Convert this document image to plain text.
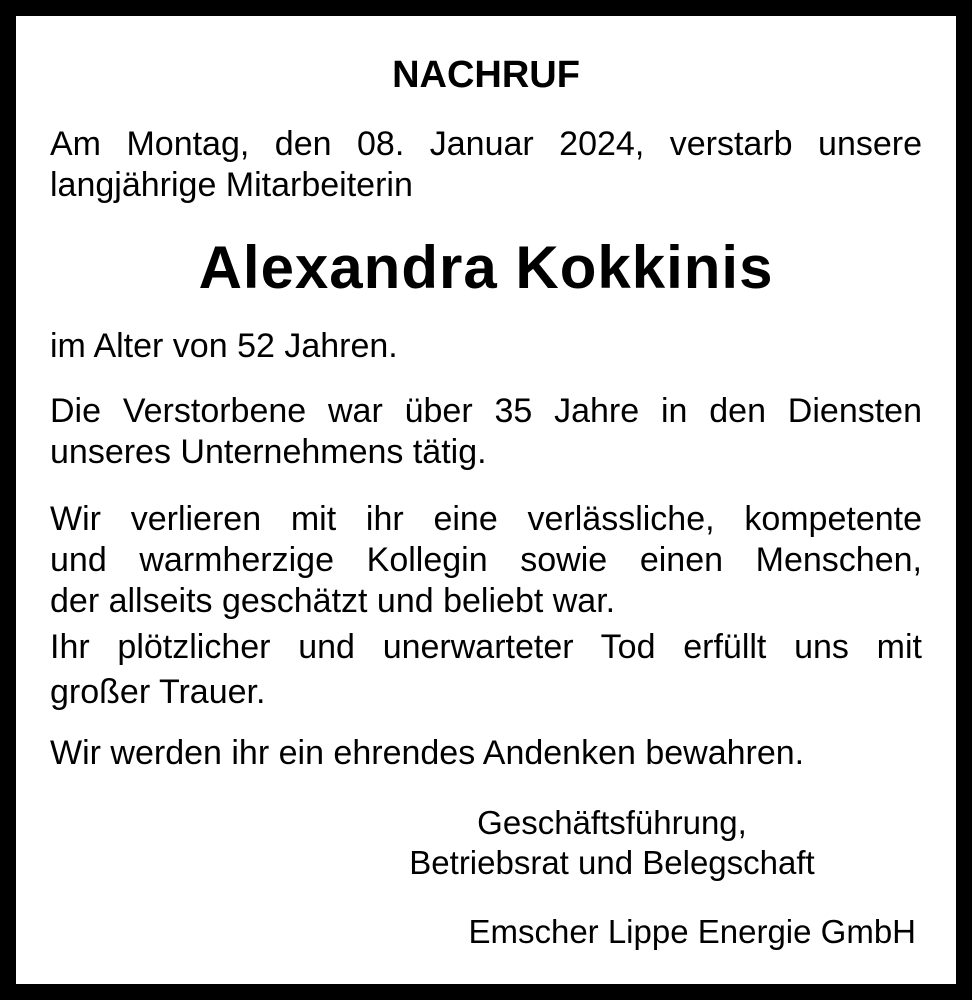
NACHRUF
Am Montag, den 08. Januar 2024, verstarb unsere
langjährige Mitarbeiterin
Alexandra Kokkinis
im Alter von 52 Jahren.
Die Verstorbene war über 35 Jahre in den Diensten
unseres Unternehmens tätig.
Wir verlieren mit ihr eine verlässliche, kompetente
und warmherzige Kollegin sowie einen Menschen,
der allseits geschätzt und beliebt war.
Ihr plötzlicher und unerwarteter Tod erfüllt uns mit
großer Trauer.
Wir werden ihr ein ehrendes Andenken bewahren.
Geschäftsführung,
Betriebsrat und Belegschaft
Emscher Lippe Energie GmbH
